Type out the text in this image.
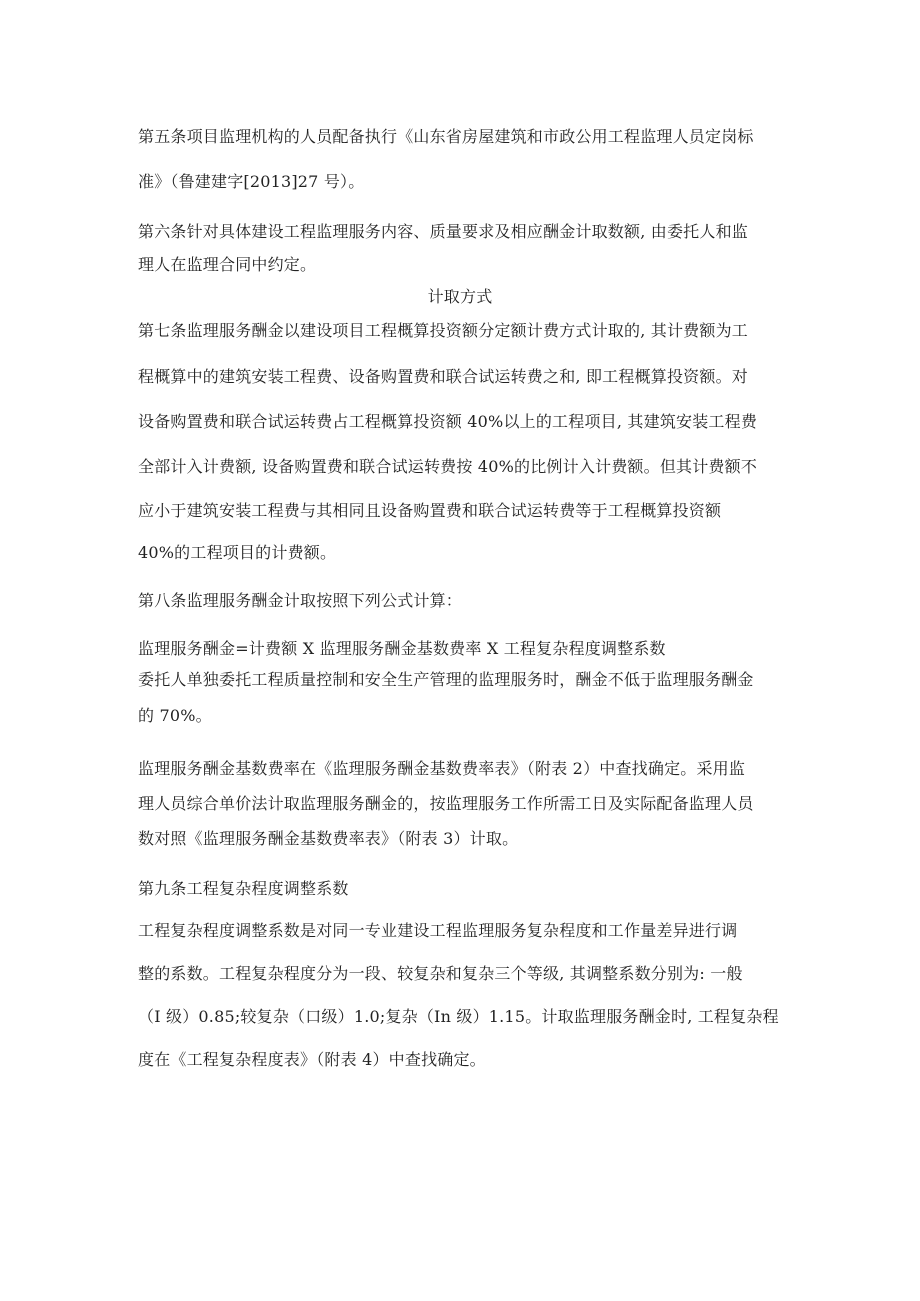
第五条项目监理机构的人员配备执行《山东省房屋建筑和市政公用工程监理人员定岗标

准》（鲁建建字[2013]27 号）。

第六条针对具体建设工程监理服务内容、质量要求及相应酬金计取数额, 由委托人和监

理人在监理合同中约定。

计取方式

第七条监理服务酬金以建设项目工程概算投资额分定额计费方式计取的, 其计费额为工

程概算中的建筑安装工程费、设备购置费和联合试运转费之和, 即工程概算投资额。对

设备购置费和联合试运转费占工程概算投资额 40%以上的工程项目, 其建筑安装工程费

全部计入计费额, 设备购置费和联合试运转费按 40%的比例计入计费额。但其计费额不

应小于建筑安装工程费与其相同且设备购置费和联合试运转费等于工程概算投资额

40%的工程项目的计费额。

第八条监理服务酬金计取按照下列公式计算：

监理服务酬金=计费额 X 监理服务酬金基数费率 X 工程复杂程度调整系数

委托人单独委托工程质量控制和安全生产管理的监理服务时，酬金不低于监理服务酬金

的 70%。

监理服务酬金基数费率在《监理服务酬金基数费率表》（附表 2）中查找确定。采用监

理人员综合单价法计取监理服务酬金的，按监理服务工作所需工日及实际配备监理人员

数对照《监理服务酬金基数费率表》（附表 3）计取。

第九条工程复杂程度调整系数

工程复杂程度调整系数是对同一专业建设工程监理服务复杂程度和工作量差异进行调

整的系数。工程复杂程度分为一段、较复杂和复杂三个等级, 其调整系数分别为: 一般

（I 级）0.85;较复杂（口级）1.0;复杂（In 级）1.15。计取监理服务酬金时, 工程复杂程

度在《工程复杂程度表》（附表 4）中查找确定。
